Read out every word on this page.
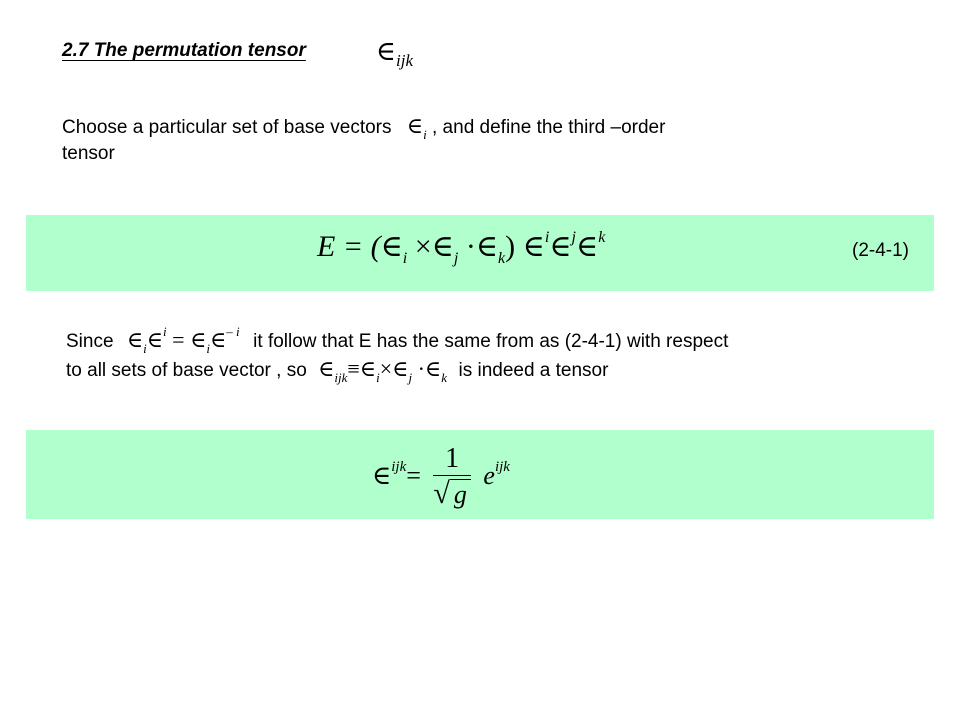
2.7 The permutation tensor	$\in_{ijk}$
Choose a particular set of base vectors $\in_i$ , and define the third –order
tensor
$E = (\in_i$ $\times\in_j$ $\cdot\in_k$) ∈$^i$∈$^j$∈$^k$
(2-4-1)
Since $\in_i\in^i$ = $\in_i\in^{- i}$ it follow that E has the same from as (2-4-1) with respect
to all sets of base vector , so $\in_{ijk}\equiv\in_i\times\in_j$ $\cdot\in_k$ is indeed a tensor
∈$^{ijk}$= $\frac{1}{√ g} e^{ijk}$
